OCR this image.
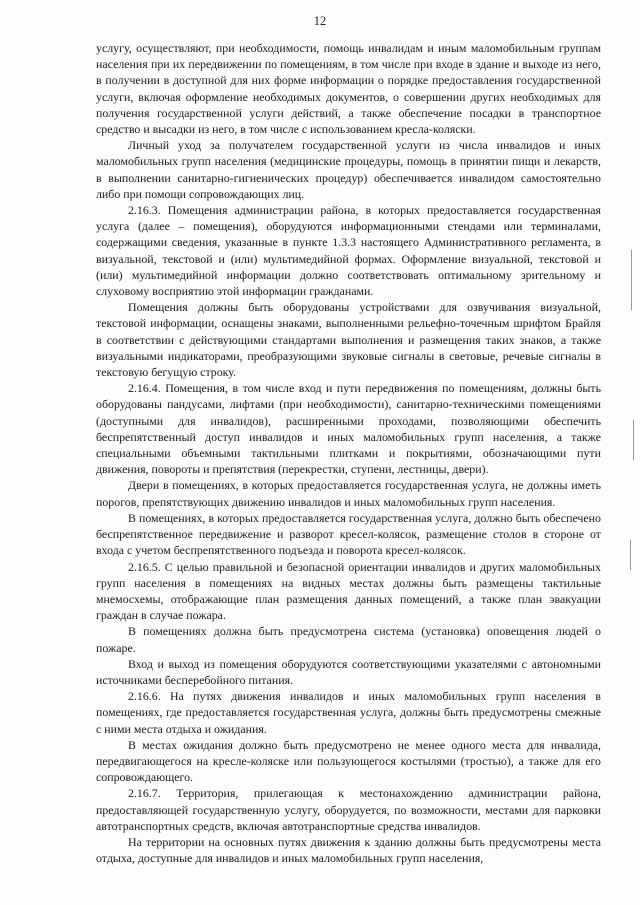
12

услугу, осуществляют, при необходимости, помощь инвалидам и иным маломобильным группам населения при их передвижении по помещениям, в том числе при входе в здание и выходе из него, в получении в доступной для них форме информации о порядке предоставления государственной услуги, включая оформление необходимых документов, о совершении других необходимых для получения государственной услуги действий, а также обеспечение посадки в транспортное средство и высадки из него, в том числе с использованием кресла-коляски.

Личный уход за получателем государственной услуги из числа инвалидов и иных маломобильных групп населения (медицинские процедуры, помощь в принятии пищи и лекарств, в выполнении санитарно-гигиенических процедур) обеспечивается инвалидом самостоятельно либо при помощи сопровождающих лиц.

2.16.3. Помещения администрации района, в которых предоставляется государственная услуга (далее – помещения), оборудуются информационными стендами или терминалами, содержащими сведения, указанные в пункте 1.3.3 настоящего Административного регламента, в визуальной, текстовой и (или) мультимедийной формах. Оформление визуальной, текстовой и (или) мультимедийной информации должно соответствовать оптимальному зрительному и слуховому восприятию этой информации гражданами.

Помещения должны быть оборудованы устройствами для озвучивания визуальной, текстовой информации, оснащены знаками, выполненными рельефно-точечным шрифтом Брайля в соответствии с действующими стандартами выполнения и размещения таких знаков, а также визуальными индикаторами, преобразующими звуковые сигналы в световые, речевые сигналы в текстовую бегущую строку.

2.16.4. Помещения, в том числе вход и пути передвижения по помещениям, должны быть оборудованы пандусами, лифтами (при необходимости), санитарно-техническими помещениями (доступными для инвалидов), расширенными проходами, позволяющими обеспечить беспрепятственный доступ инвалидов и иных маломобильных групп населения, а также специальными объемными тактильными плитками и покрытиями, обозначающими пути движения, повороты и препятствия (перекрестки, ступени, лестницы, двери).

Двери в помещениях, в которых предоставляется государственная услуга, не должны иметь порогов, препятствующих движению инвалидов и иных маломобильных групп населения.

В помещениях, в которых предоставляется государственная услуга, должно быть обеспечено беспрепятственное передвижение и разворот кресел-колясок, размещение столов в стороне от входа с учетом беспрепятственного подъезда и поворота кресел-колясок.

2.16.5. С целью правильной и безопасной ориентации инвалидов и других маломобильных групп населения в помещениях на видных местах должны быть размещены тактильные мнемосхемы, отображающие план размещения данных помещений, а также план эвакуации граждан в случае пожара.

В помещениях должна быть предусмотрена система (установка) оповещения людей о пожаре.

Вход и выход из помещения оборудуются соответствующими указателями с автономными источниками бесперебойного питания.

2.16.6. На путях движения инвалидов и иных маломобильных групп населения в помещениях, где предоставляется государственная услуга, должны быть предусмотрены смежные с ними места отдыха и ожидания.

В местах ожидания должно быть предусмотрено не менее одного места для инвалида, передвигающегося на кресле-коляске или пользующегося костылями (тростью), а также для его сопровождающего.

2.16.7. Территория, прилегающая к местонахождению администрации района, предоставляющей государственную услугу, оборудуется, по возможности, местами для парковки автотранспортных средств, включая автотранспортные средства инвалидов.

На территории на основных путях движения к зданию должны быть предусмотрены места отдыха, доступные для инвалидов и иных маломобильных групп населения,
